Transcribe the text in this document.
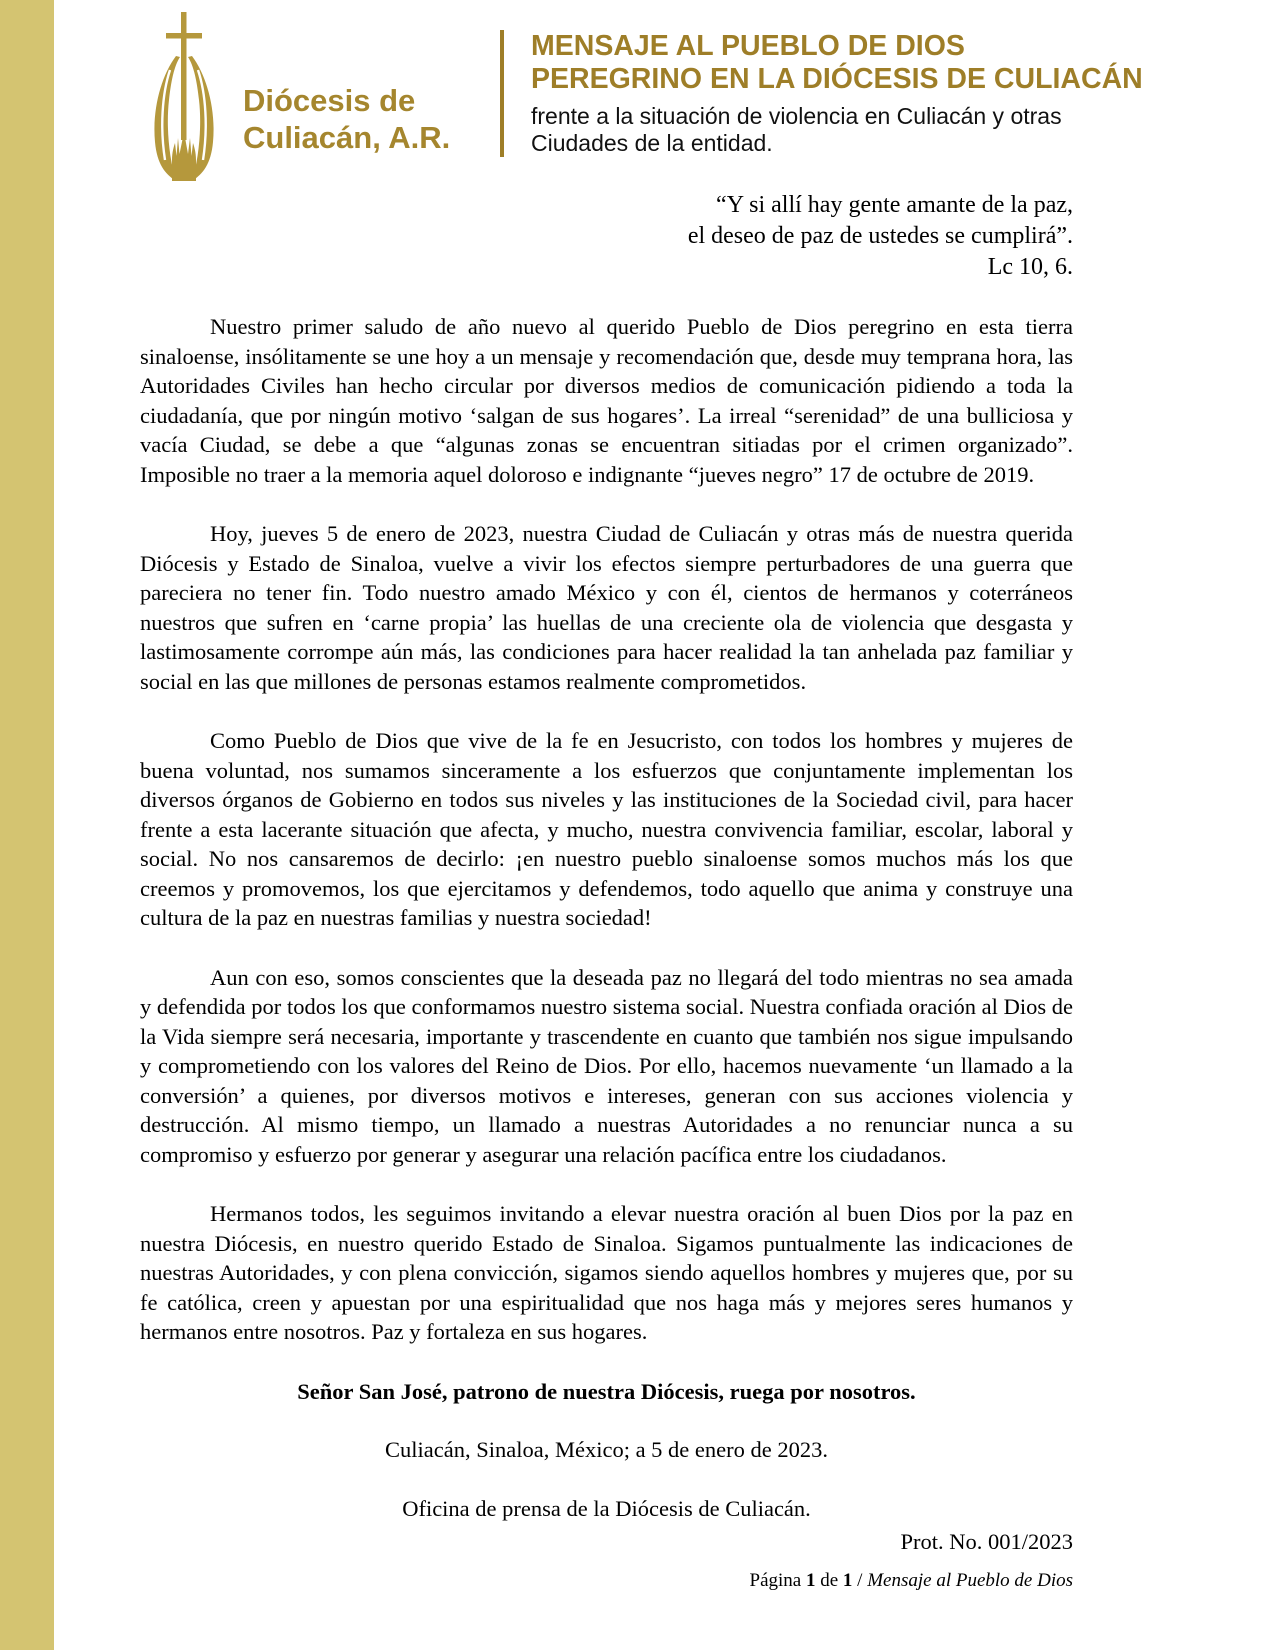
Diócesis de
Culiacán, A.R.
MENSAJE AL PUEBLO DE DIOS
PEREGRINO EN LA DIÓCESIS DE CULIACÁN
frente a la situación de violencia en Culiacán y otras
Ciudades de la entidad.
“Y si allí hay gente amante de la paz,
el deseo de paz de ustedes se cumplirá”.
Lc 10, 6.

Nuestro primer saludo de año nuevo al querido Pueblo de Dios peregrino en esta tierra sinaloense, insólitamente se une hoy a un mensaje y recomendación que, desde muy temprana hora, las Autoridades Civiles han hecho circular por diversos medios de comunicación pidiendo a toda la ciudadanía, que por ningún motivo ‘salgan de sus hogares’. La irreal “serenidad” de una bulliciosa y vacía Ciudad, se debe a que “algunas zonas se encuentran sitiadas por el crimen organizado”. Imposible no traer a la memoria aquel doloroso e indignante “jueves negro” 17 de octubre de 2019.

Hoy, jueves 5 de enero de 2023, nuestra Ciudad de Culiacán y otras más de nuestra querida Diócesis y Estado de Sinaloa, vuelve a vivir los efectos siempre perturbadores de una guerra que pareciera no tener fin. Todo nuestro amado México y con él, cientos de hermanos y coterráneos nuestros que sufren en ‘carne propia’ las huellas de una creciente ola de violencia que desgasta y lastimosamente corrompe aún más, las condiciones para hacer realidad la tan anhelada paz familiar y social en las que millones de personas estamos realmente comprometidos.

Como Pueblo de Dios que vive de la fe en Jesucristo, con todos los hombres y mujeres de buena voluntad, nos sumamos sinceramente a los esfuerzos que conjuntamente implementan los diversos órganos de Gobierno en todos sus niveles y las instituciones de la Sociedad civil, para hacer frente a esta lacerante situación que afecta, y mucho, nuestra convivencia familiar, escolar, laboral y social. No nos cansaremos de decirlo: ¡en nuestro pueblo sinaloense somos muchos más los que creemos y promovemos, los que ejercitamos y defendemos, todo aquello que anima y construye una cultura de la paz en nuestras familias y nuestra sociedad!

Aun con eso, somos conscientes que la deseada paz no llegará del todo mientras no sea amada y defendida por todos los que conformamos nuestro sistema social. Nuestra confiada oración al Dios de la Vida siempre será necesaria, importante y trascendente en cuanto que también nos sigue impulsando y comprometiendo con los valores del Reino de Dios. Por ello, hacemos nuevamente ‘un llamado a la conversión’ a quienes, por diversos motivos e intereses, generan con sus acciones violencia y destrucción. Al mismo tiempo, un llamado a nuestras Autoridades a no renunciar nunca a su compromiso y esfuerzo por generar y asegurar una relación pacífica entre los ciudadanos.

Hermanos todos, les seguimos invitando a elevar nuestra oración al buen Dios por la paz en nuestra Diócesis, en nuestro querido Estado de Sinaloa. Sigamos puntualmente las indicaciones de nuestras Autoridades, y con plena convicción, sigamos siendo aquellos hombres y mujeres que, por su fe católica, creen y apuestan por una espiritualidad que nos haga más y mejores seres humanos y hermanos entre nosotros. Paz y fortaleza en sus hogares.

Señor San José, patrono de nuestra Diócesis, ruega por nosotros.
Culiacán, Sinaloa, México; a 5 de enero de 2023.
Oficina de prensa de la Diócesis de Culiacán.
Prot. No. 001/2023
Página 1 de 1 / Mensaje al Pueblo de Dios
